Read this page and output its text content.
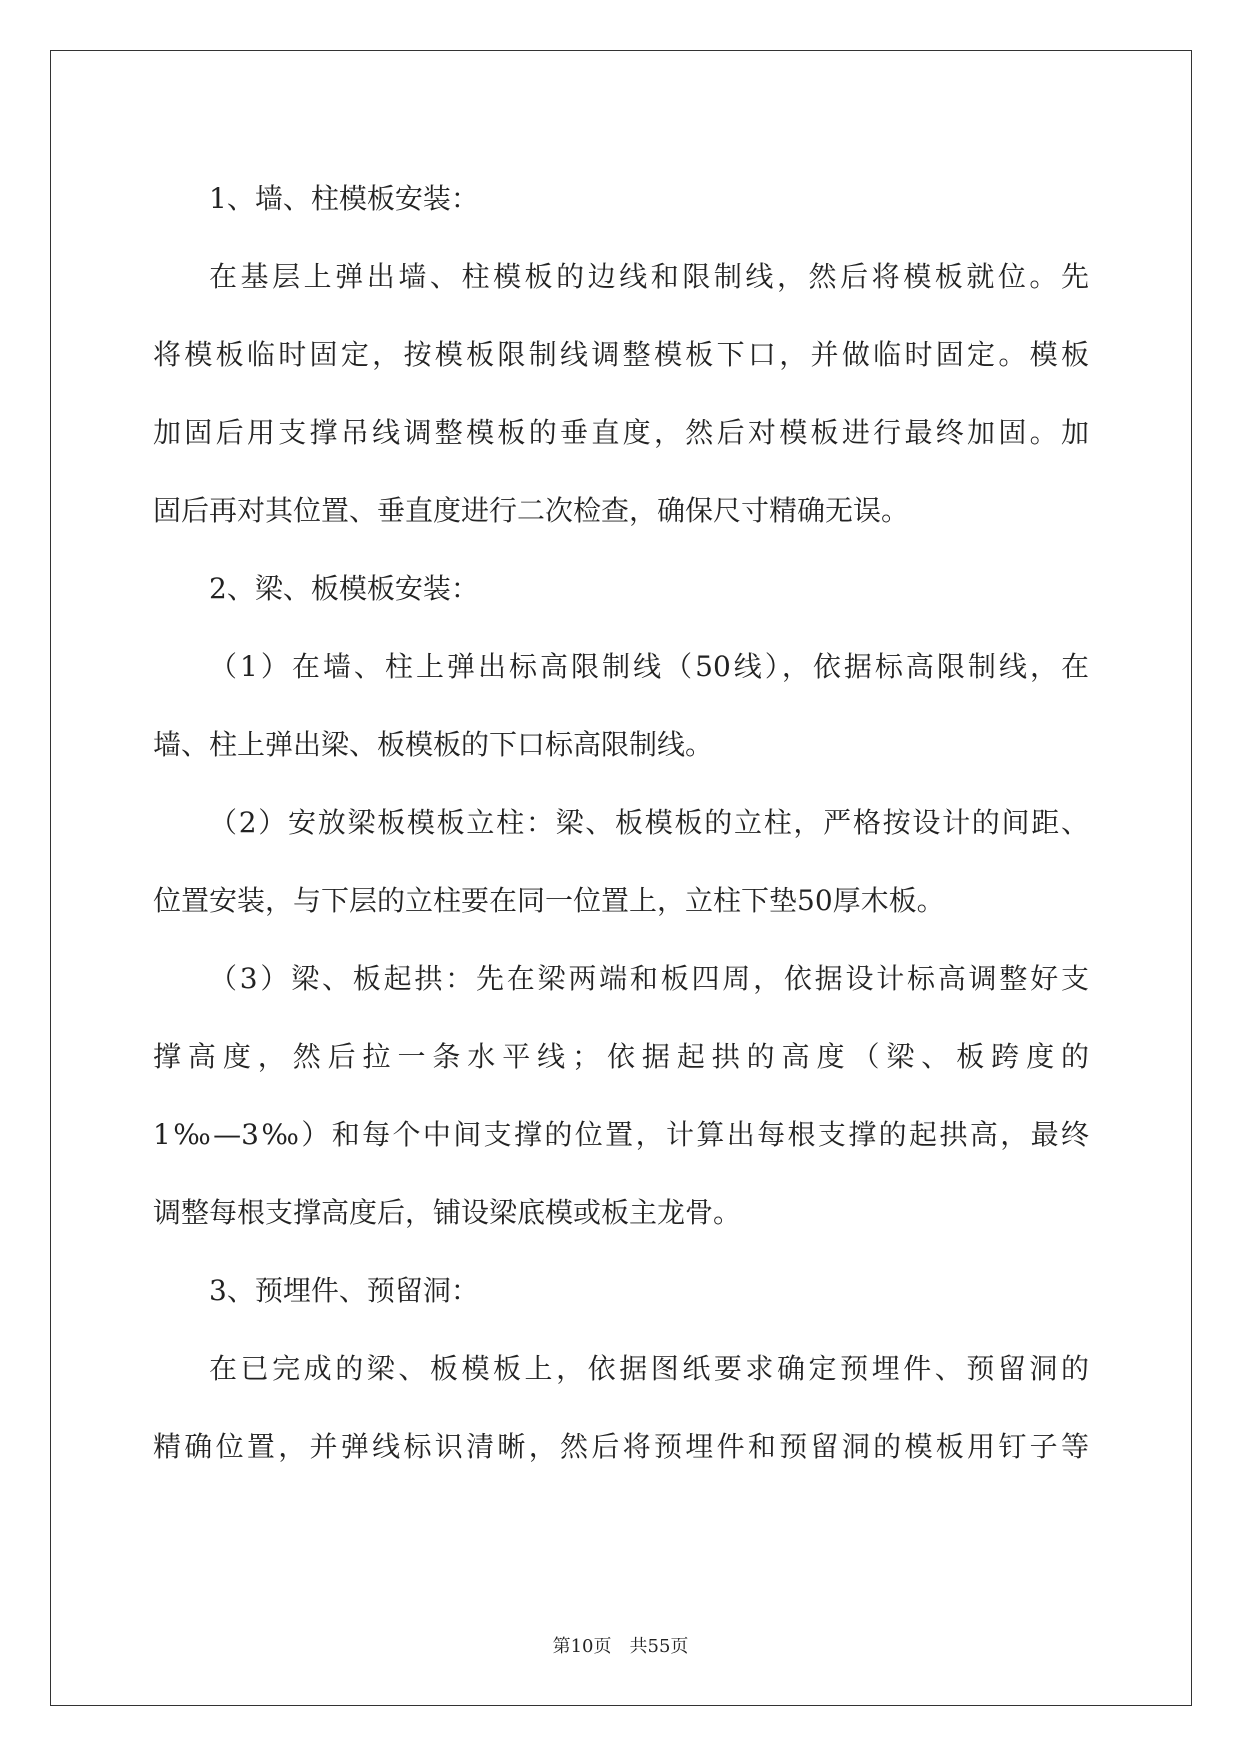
1、墙、柱模板安装：
在基层上弹出墙、柱模板的边线和限制线，然后将模板就位。先
将模板临时固定，按模板限制线调整模板下口，并做临时固定。模板
加固后用支撑吊线调整模板的垂直度，然后对模板进行最终加固。加
固后再对其位置、垂直度进行二次检查，确保尺寸精确无误。
2、梁、板模板安装：
（1）在墙、柱上弹出标高限制线（50线），依据标高限制线，在
墙、柱上弹出梁、板模板的下口标高限制线。
（2）安放梁板模板立柱：梁、板模板的立柱，严格按设计的间距、
位置安装，与下层的立柱要在同一位置上，立柱下垫50厚木板。
（3）梁、板起拱：先在梁两端和板四周，依据设计标高调整好支
撑高度，然后拉一条水平线；依据起拱的高度（梁、板跨度的
1‰—3‰）和每个中间支撑的位置，计算出每根支撑的起拱高，最终
调整每根支撑高度后，铺设梁底模或板主龙骨。
3、预埋件、预留洞：
在已完成的梁、板模板上，依据图纸要求确定预埋件、预留洞的
精确位置，并弹线标识清晰，然后将预埋件和预留洞的模板用钉子等
第10页　共55页
